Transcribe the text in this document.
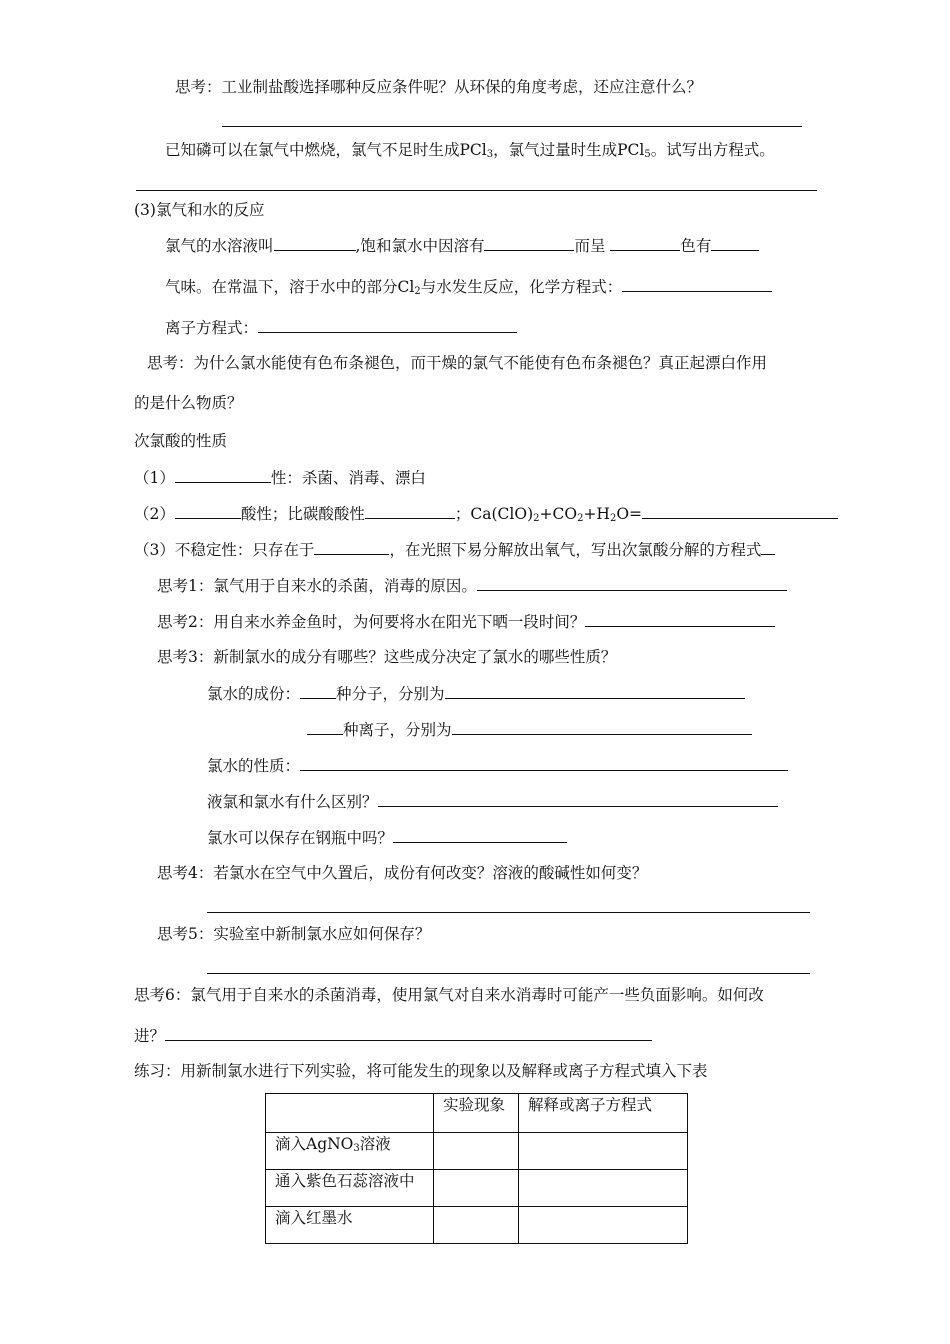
思考：工业制盐酸选择哪种反应条件呢？从环保的角度考虑，还应注意什么？
已知磷可以在氯气中燃烧，氯气不足时生成PCl$_3$，氯气过量时生成PCl$_5$。试写出方程式。
(3)氯气和水的反应
氯气的水溶液叫	,饱和氯水中因溶有	而呈	色有
气味。在常温下，溶于水中的部分$Cl_2$与水发生反应，化学方程式：
离子方程式：
思考：为什么氯水能使有色布条褪色，而干燥的氯气不能使有色布条褪色？真正起漂白作用
的是什么物质？
次氯酸的性质
（1）	性：杀菌、消毒、漂白
（2）	酸性；比碳酸酸性	；$Ca(ClO)_2+CO_2+H_2O=$
（3）不稳定性：只存在于	，在光照下易分解放出氧气，写出次氯酸分解的方程式
思考1：氯气用于自来水的杀菌，消毒的原因。
思考2：用自来水养金鱼时，为何要将水在阳光下晒一段时间？
思考3：新制氯水的成分有哪些？这些成分决定了氯水的哪些性质？
氯水的成份： 种分子，分别为
种离子，分别为
氯水的性质：
液氯和氯水有什么区别？
氯水可以保存在钢瓶中吗？
思考4：若氯水在空气中久置后，成份有何改变？溶液的酸碱性如何变？
思考5：实验室中新制氯水应如何保存？
思考6：氯气用于自来水的杀菌消毒，使用氯气对自来水消毒时可能产一些负面影响。如何改
进？
练习：用新制氯水进行下列实验，将可能发生的现象以及解释或离子方程式填入下表
	实验现象	解释或离子方程式
滴入AgNO$_3$溶液		
通入紫色石蕊溶液中		
滴入红墨水		
